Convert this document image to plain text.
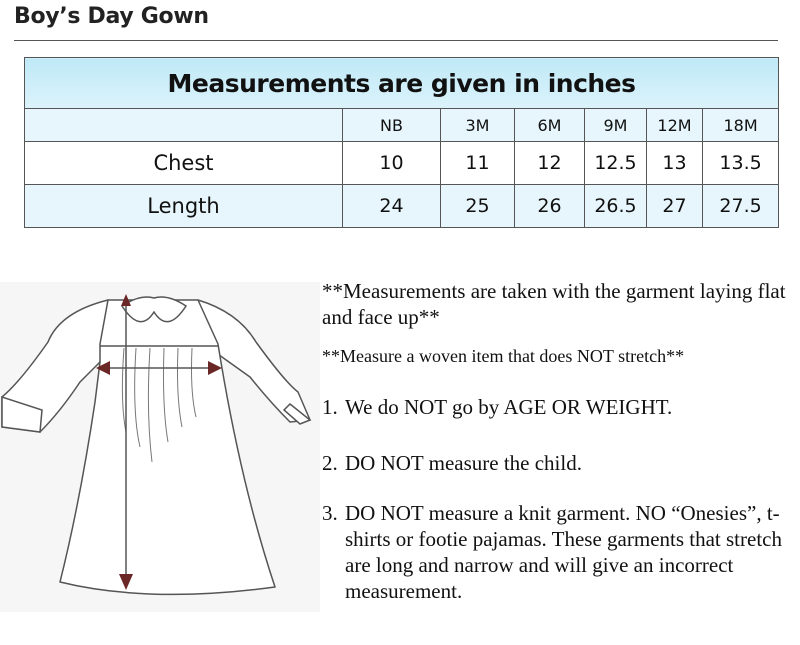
Boy’s Day Gown
Measurements are given in inches						
	NB	3M	6M	9M	12M	18M
Chest	10	11	12	12.5	13	13.5
Length	24	25	26	26.5	27	27.5

**Measurements are taken with the garment laying flat and face up**

**Measure a woven item that does NOT stretch**

1. We do NOT go by AGE OR WEIGHT.
2. DO NOT measure the child.
3. DO NOT measure a knit garment. NO “Onesies”, t-shirts or footie pajamas. These garments that stretch are long and narrow and will give an incorrect measurement.
